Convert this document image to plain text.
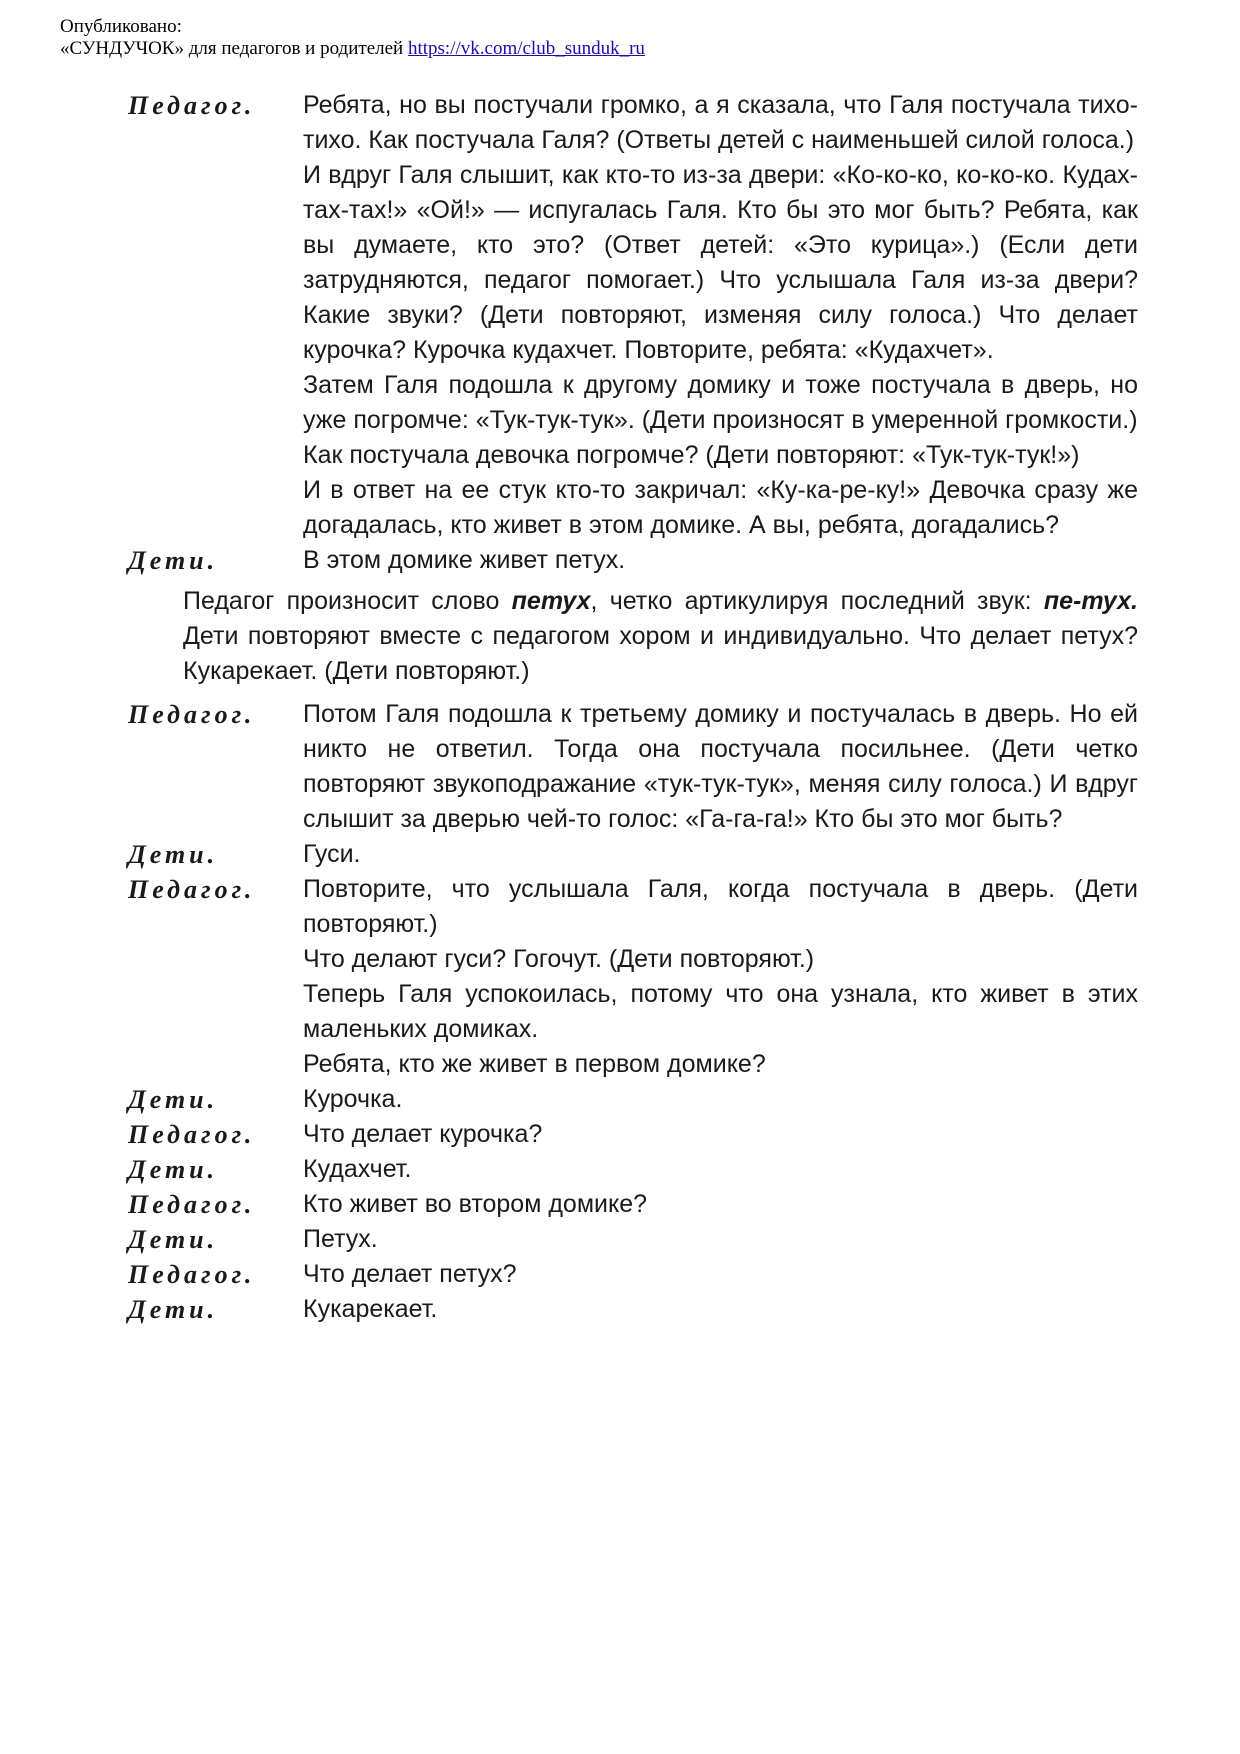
Опубликовано:
«СУНДУЧОК» для педагогов и родителей https://vk.com/club_sunduk_ru
Педагог.	Ребята, но вы постучали громко, а я сказала, что Галя постучала тихо-тихо. Как постучала Галя? (Ответы детей с наименьшей силой голоса.)
И вдруг Галя слышит, как кто-то из-за двери: «Ко-ко-ко, ко-ко-ко. Кудах-тах-тах!» «Ой!» — испугалась Галя. Кто бы это мог быть? Ребята, как вы думаете, кто это? (Ответ детей: «Это курица».) (Если дети затрудняются, педагог помогает.) Что услышала Галя из-за двери? Какие звуки? (Дети повторяют, изменяя силу голоса.) Что делает курочка? Курочка кудахчет. Повторите, ребята: «Кудахчет».
Затем Галя подошла к другому домику и тоже постучала в дверь, но уже погромче: «Тук-тук-тук». (Дети произносят в умеренной громкости.)
Как постучала девочка погромче? (Дети повторяют: «Тук-тук-тук!»)
И в ответ на ее стук кто-то закричал: «Ку-ка-ре-ку!» Девочка сразу же догадалась, кто живет в этом домике. А вы, ребята, догадались?
Дети.	В этом домике живет петух.
Педагог произносит слово петух, четко артикулируя последний звук: пе-тух. Дети повторяют вместе с педагогом хором и индивидуально. Что делает петух? Кукарекает. (Дети повторяют.)
Педагог.	Потом Галя подошла к третьему домику и постучалась в дверь. Но ей никто не ответил. Тогда она постучала посильнее. (Дети четко повторяют звукоподражание «тук-тук-тук», меняя силу голоса.) И вдруг слышит за дверью чей-то голос: «Га-га-га!» Кто бы это мог быть?
Дети.	Гуси.
Педагог.	Повторите, что услышала Галя, когда постучала в дверь. (Дети повторяют.)
Что делают гуси? Гогочут. (Дети повторяют.)
Теперь Галя успокоилась, потому что она узнала, кто живет в этих маленьких домиках.
Ребята, кто же живет в первом домике?
Дети.	Курочка.
Педагог.	Что делает курочка?
Дети.	Кудахчет.
Педагог.	Кто живет во втором домике?
Дети.	Петух.
Педагог.	Что делает петух?
Дети.	Кукарекает.
